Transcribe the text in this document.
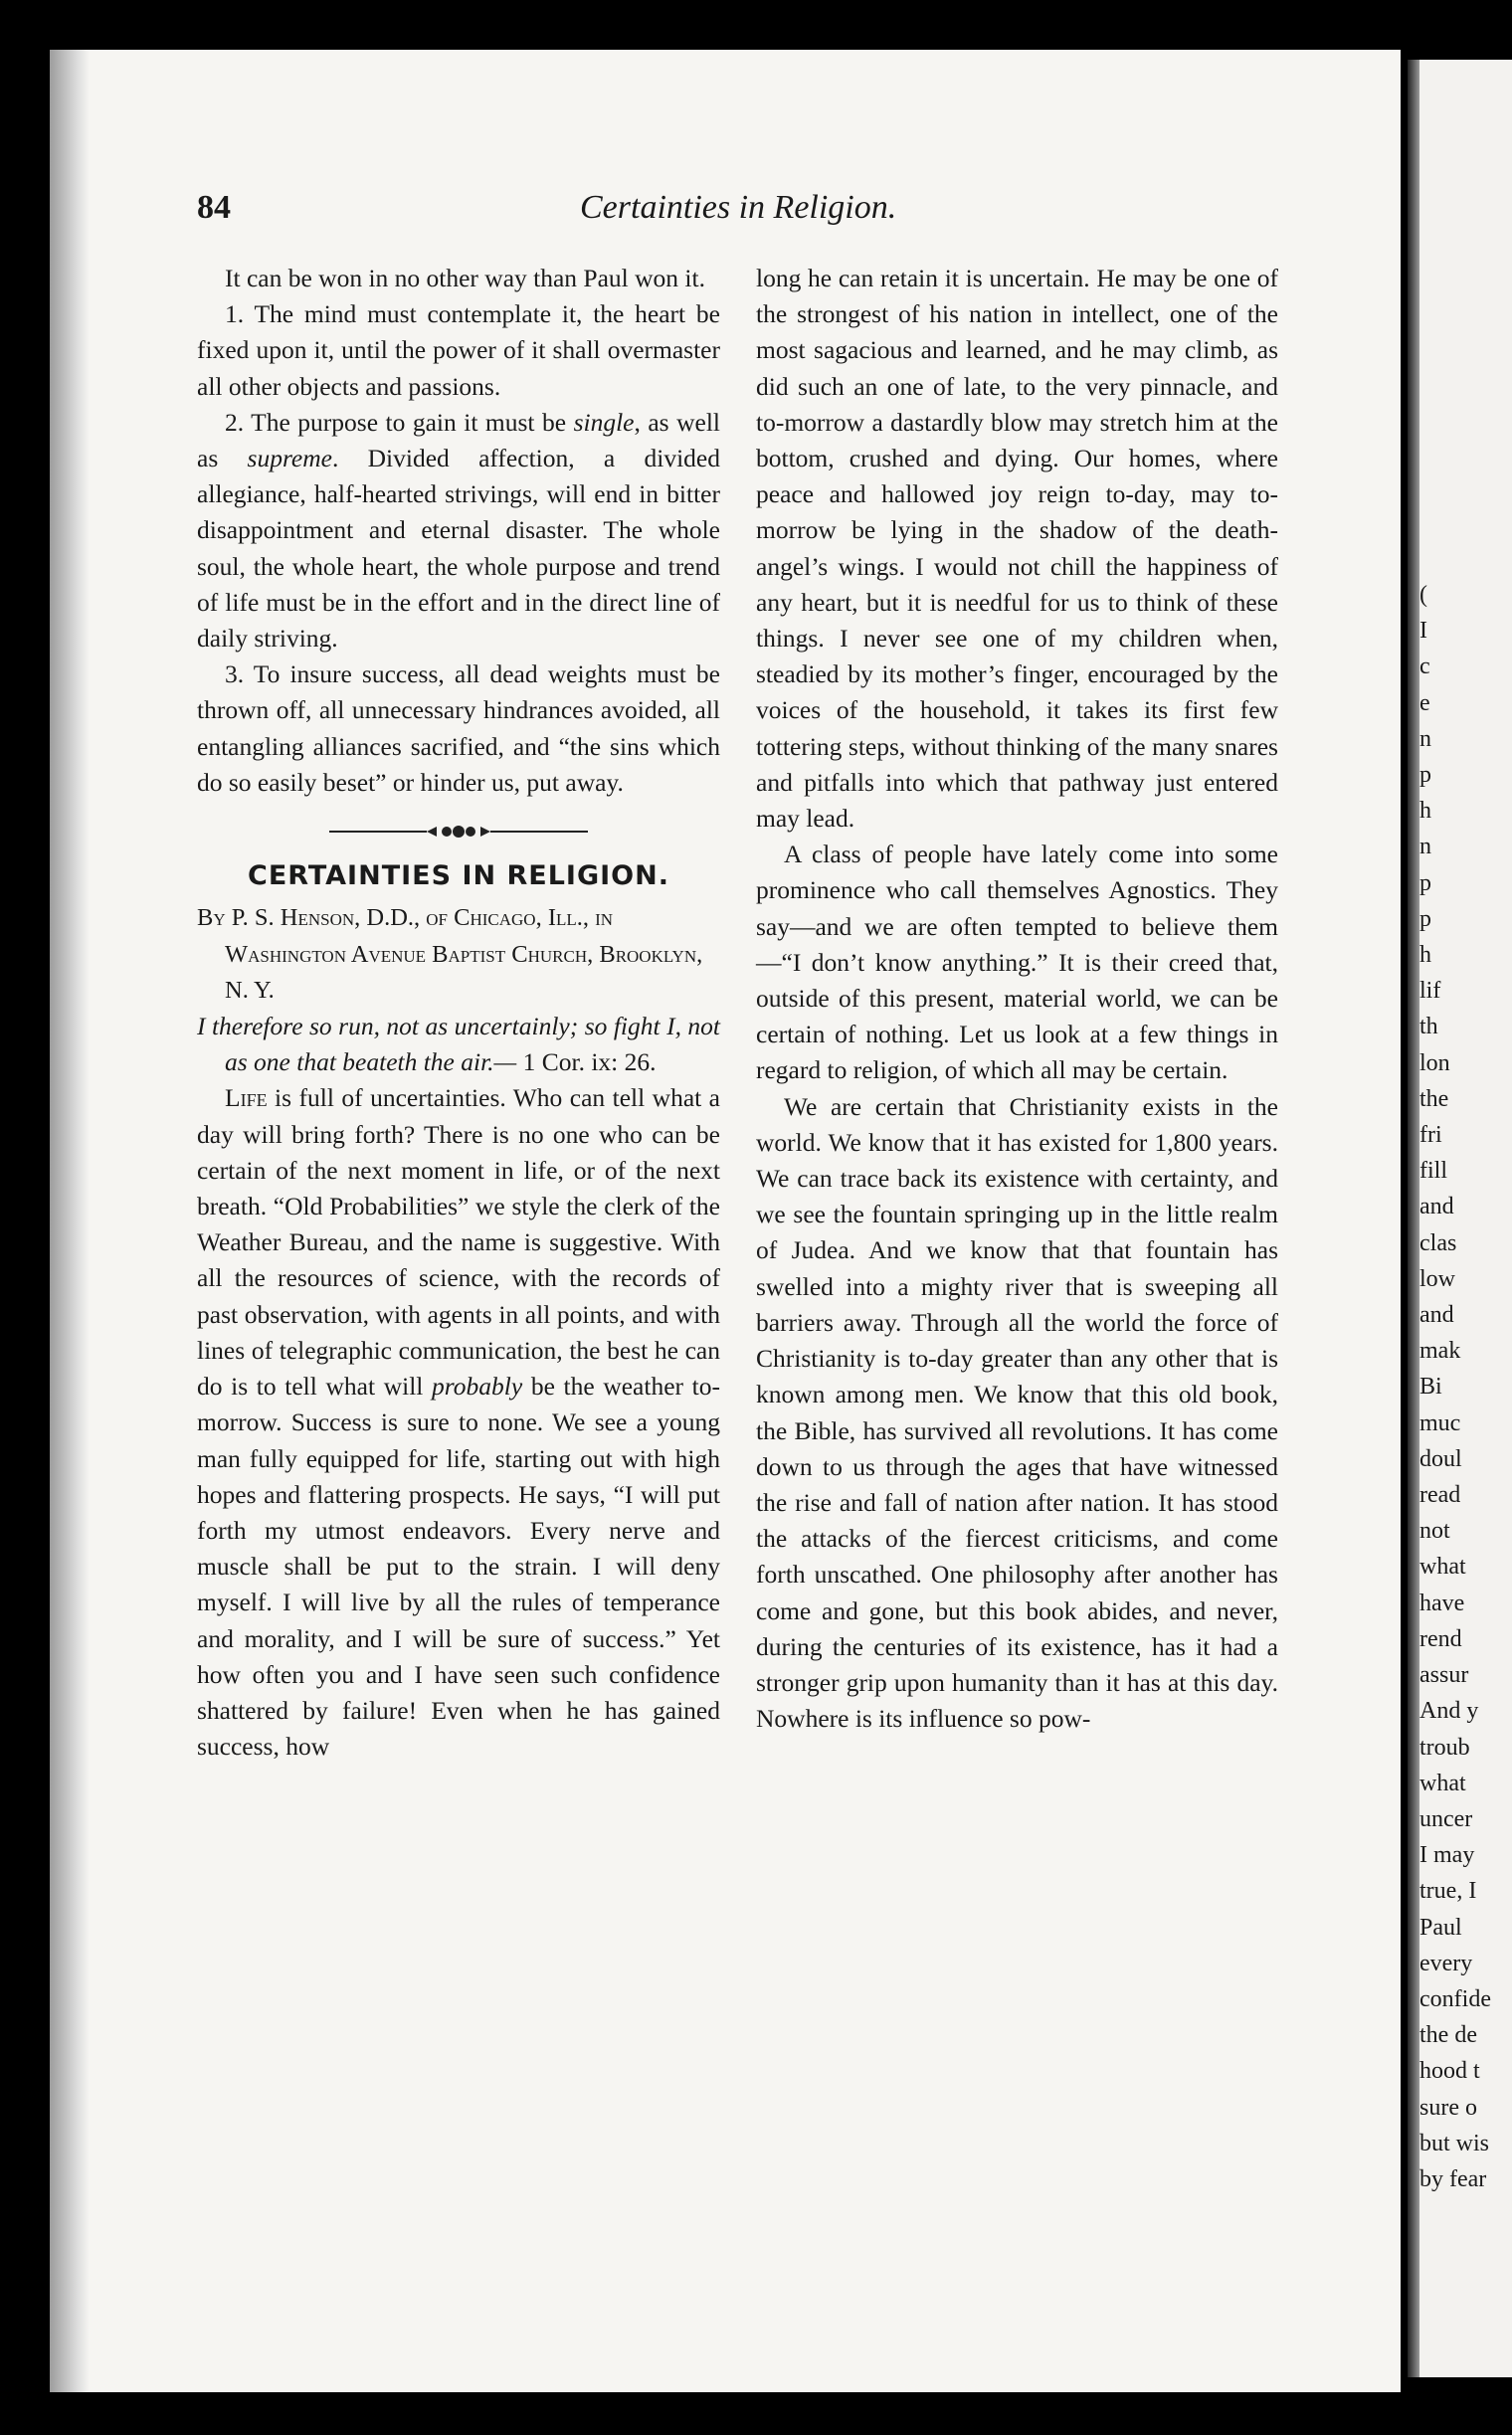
(
I
c
e
n
p
h
n
p
p
h
lif
th
lon
the
fri
fill
and
clas
low
and
mak
Bi
muc
doul
read
not
what
have
rend
assur
And y
troub
what
uncer
I may
true, I
Paul
every
confide
the de
hood t
sure o
but wis
by fear
84	Certainties in Religion.

It can be won in no other way than Paul won it.

1. The mind must contemplate it, the heart be fixed upon it, until the power of it shall overmaster all other objects and passions.

2. The purpose to gain it must be single, as well as supreme. Divided affection, a divided allegiance, half-hearted strivings, will end in bitter disappointment and eternal disaster. The whole soul, the whole heart, the whole purpose and trend of life must be in the effort and in the direct line of daily striving.

3. To insure success, all dead weights must be thrown off, all unnecessary hindrances avoided, all entangling alliances sacrified, and “the sins which do so easily beset” or hinder us, put away.

CERTAINTIES IN RELIGION.

By P. S. Henson, D.D., of Chicago, Ill., in Washington Avenue Baptist Church, Brooklyn, N. Y.

I therefore so run, not as uncertainly; so fight I, not as one that beateth the air.— 1 Cor. ix: 26.

Life is full of uncertainties. Who can tell what a day will bring forth? There is no one who can be certain of the next moment in life, or of the next breath. “Old Probabilities” we style the clerk of the Weather Bureau, and the name is suggestive. With all the resources of science, with the records of past observation, with agents in all points, and with lines of telegraphic communication, the best he can do is to tell what will probably be the weather to-morrow. Success is sure to none. We see a young man fully equipped for life, starting out with high hopes and flattering prospects. He says, “I will put forth my utmost endeavors. Every nerve and muscle shall be put to the strain. I will deny myself. I will live by all the rules of temperance and morality, and I will be sure of success.” Yet how often you and I have seen such confidence shattered by failure! Even when he has gained success, how

long he can retain it is uncertain. He may be one of the strongest of his nation in intellect, one of the most sagacious and learned, and he may climb, as did such an one of late, to the very pinnacle, and to-morrow a dastardly blow may stretch him at the bottom, crushed and dying. Our homes, where peace and hallowed joy reign to-day, may to-morrow be lying in the shadow of the death-angel’s wings. I would not chill the happiness of any heart, but it is needful for us to think of these things. I never see one of my children when, steadied by its mother’s finger, encouraged by the voices of the household, it takes its first few tottering steps, without thinking of the many snares and pitfalls into which that pathway just entered may lead.

A class of people have lately come into some prominence who call themselves Agnostics. They say—and we are often tempted to believe them—“I don’t know anything.” It is their creed that, outside of this present, material world, we can be certain of nothing. Let us look at a few things in regard to religion, of which all may be certain.

We are certain that Christianity exists in the world. We know that it has existed for 1,800 years. We can trace back its existence with certainty, and we see the fountain springing up in the little realm of Judea. And we know that that fountain has swelled into a mighty river that is sweeping all barriers away. Through all the world the force of Christianity is to-day greater than any other that is known among men. We know that this old book, the Bible, has survived all revolutions. It has come down to us through the ages that have witnessed the rise and fall of nation after nation. It has stood the attacks of the fiercest criticisms, and come forth unscathed. One philosophy after another has come and gone, but this book abides, and never, during the centuries of its existence, has it had a stronger grip upon humanity than it has at this day. Nowhere is its influence so pow-
